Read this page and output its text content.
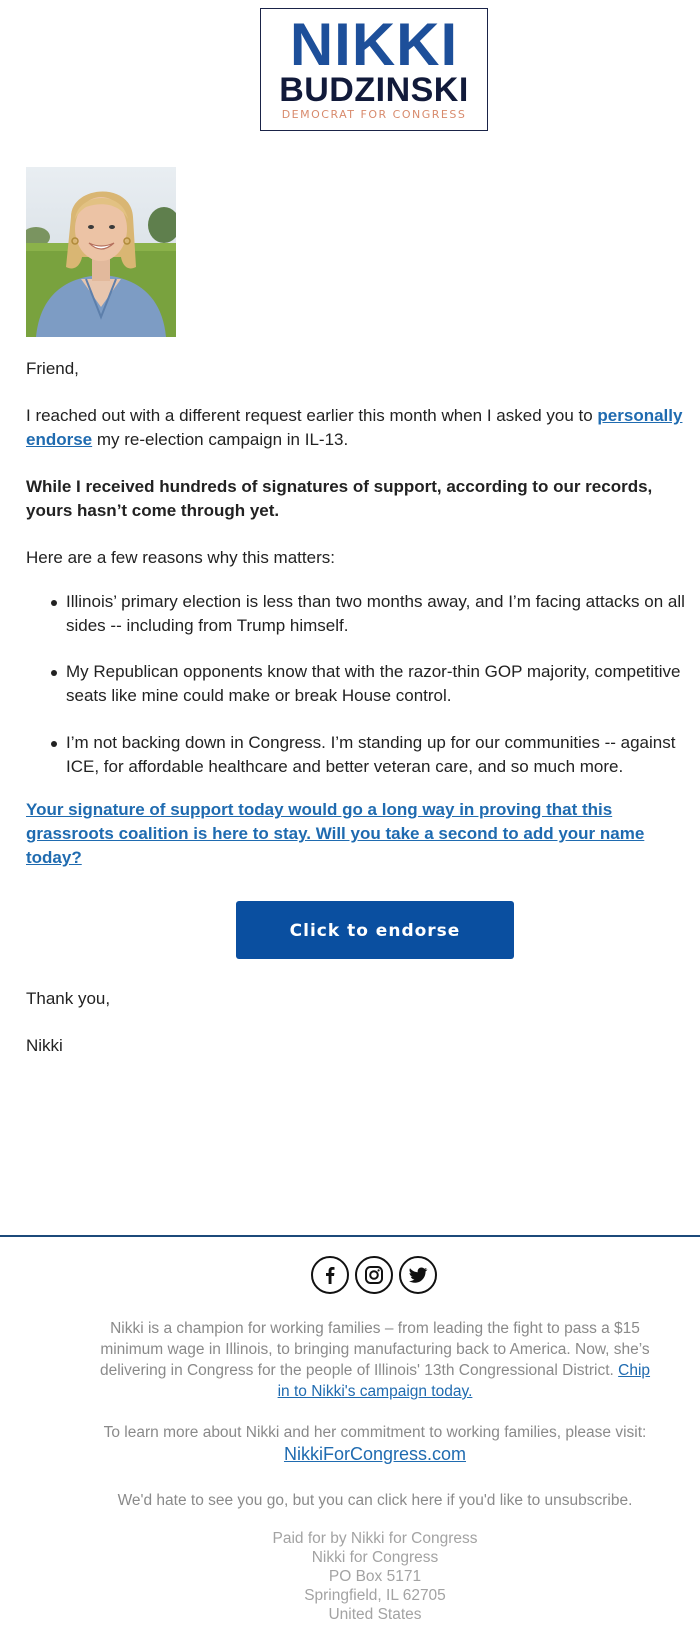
NIKKI
BUDZINSKI
DEMOCRAT FOR CONGRESS
Friend,
I reached out with a different request earlier this month when I asked you to personally
endorse my re-election campaign in IL-13.
While I received hundreds of signatures of support, according to our records,
yours hasn’t come through yet.
Here are a few reasons why this matters:
Illinois’ primary election is less than two months away, and I’m facing attacks on all
sides -- including from Trump himself.
My Republican opponents know that with the razor-thin GOP majority, competitive
seats like mine could make or break House control.
I’m not backing down in Congress. I’m standing up for our communities -- against
ICE, for affordable healthcare and better veteran care, and so much more.
Your signature of support today would go a long way in proving that this
grassroots coalition is here to stay. Will you take a second to add your name
today?
Click to endorse
Thank you,
Nikki
Nikki is a champion for working families – from leading the fight to pass a $15
minimum wage in Illinois, to bringing manufacturing back to America. Now, she’s
delivering in Congress for the people of Illinois' 13th Congressional District. Chip
in to Nikki's campaign today.
To learn more about Nikki and her commitment to working families, please visit:
NikkiForCongress.com
We'd hate to see you go, but you can click here if you'd like to unsubscribe.
Paid for by Nikki for Congress
Nikki for Congress
PO Box 5171
Springfield, IL 62705
United States
